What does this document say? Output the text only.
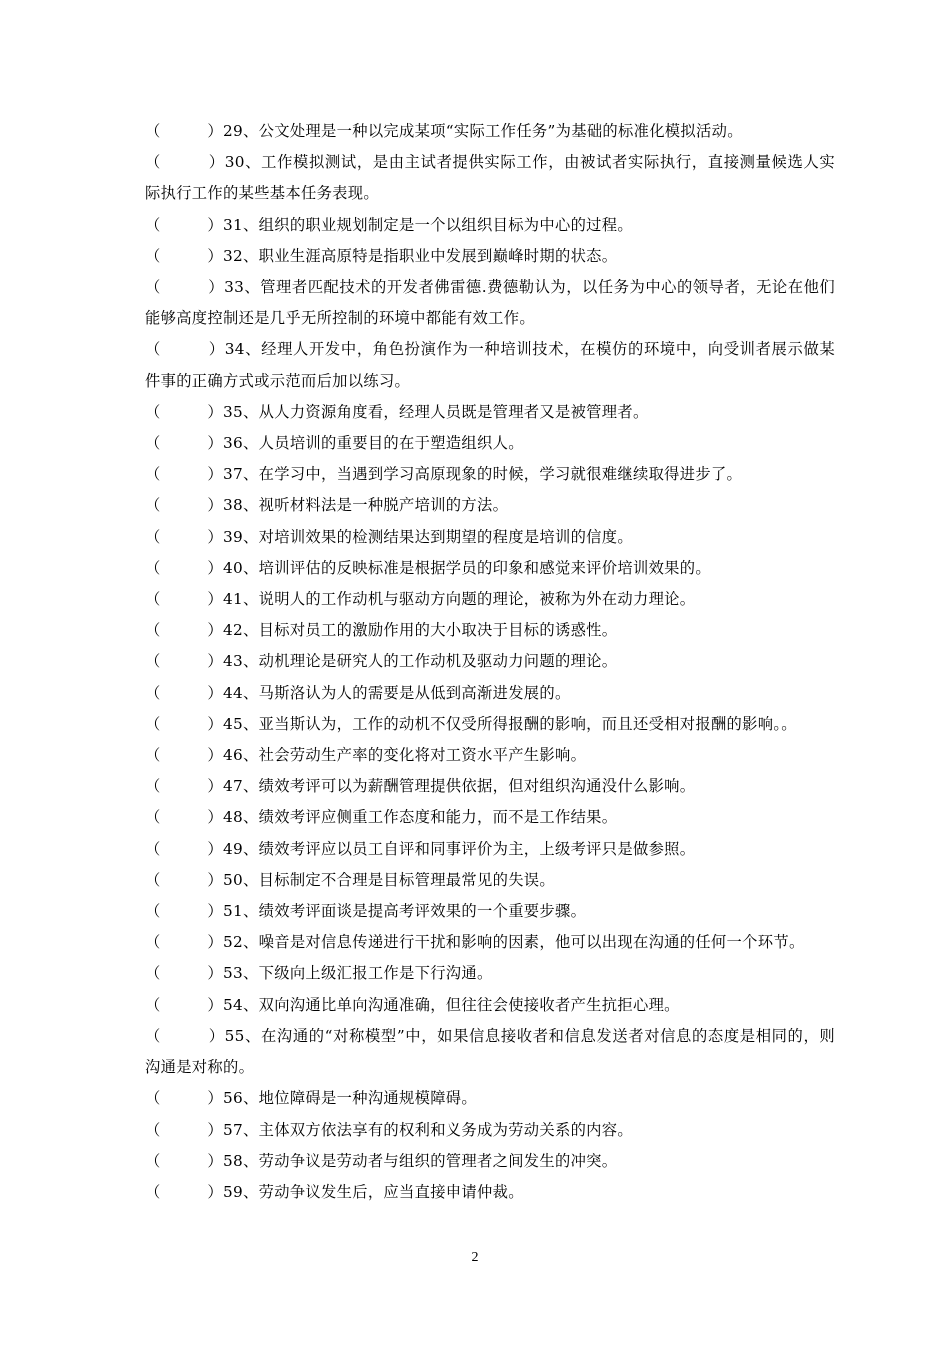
（　　　）29、公文处理是一种以完成某项“实际工作任务”为基础的标准化模拟活动。

（　　　）30、工作模拟测试，是由主试者提供实际工作，由被试者实际执行，直接测量候选人实际执行工作的某些基本任务表现。

（　　　）31、组织的职业规划制定是一个以组织目标为中心的过程。

（　　　）32、职业生涯高原特是指职业中发展到巅峰时期的状态。

（　　　）33、管理者匹配技术的开发者佛雷德.费德勒认为，以任务为中心的领导者，无论在他们能够高度控制还是几乎无所控制的环境中都能有效工作。

（　　　）34、经理人开发中，角色扮演作为一种培训技术，在模仿的环境中，向受训者展示做某件事的正确方式或示范而后加以练习。

（　　　）35、从人力资源角度看，经理人员既是管理者又是被管理者。

（　　　）36、人员培训的重要目的在于塑造组织人。

（　　　）37、在学习中，当遇到学习高原现象的时候，学习就很难继续取得进步了。

（　　　）38、视听材料法是一种脱产培训的方法。

（　　　）39、对培训效果的检测结果达到期望的程度是培训的信度。

（　　　）40、培训评估的反映标准是根据学员的印象和感觉来评价培训效果的。

（　　　）41、说明人的工作动机与驱动方向题的理论，被称为外在动力理论。

（　　　）42、目标对员工的激励作用的大小取决于目标的诱惑性。

（　　　）43、动机理论是研究人的工作动机及驱动力问题的理论。

（　　　）44、马斯洛认为人的需要是从低到高渐进发展的。

（　　　）45、亚当斯认为，工作的动机不仅受所得报酬的影响，而且还受相对报酬的影响。。

（　　　）46、社会劳动生产率的变化将对工资水平产生影响。

（　　　）47、绩效考评可以为薪酬管理提供依据，但对组织沟通没什么影响。

（　　　）48、绩效考评应侧重工作态度和能力，而不是工作结果。

（　　　）49、绩效考评应以员工自评和同事评价为主，上级考评只是做参照。

（　　　）50、目标制定不合理是目标管理最常见的失误。

（　　　）51、绩效考评面谈是提高考评效果的一个重要步骤。

（　　　）52、噪音是对信息传递进行干扰和影响的因素，他可以出现在沟通的任何一个环节。

（　　　）53、下级向上级汇报工作是下行沟通。

（　　　）54、双向沟通比单向沟通准确，但往往会使接收者产生抗拒心理。

（　　　）55、在沟通的“对称模型”中，如果信息接收者和信息发送者对信息的态度是相同的，则沟通是对称的。

（　　　）56、地位障碍是一种沟通规模障碍。

（　　　）57、主体双方依法享有的权利和义务成为劳动关系的内容。

（　　　）58、劳动争议是劳动者与组织的管理者之间发生的冲突。

（　　　）59、劳动争议发生后，应当直接申请仲裁。

2
